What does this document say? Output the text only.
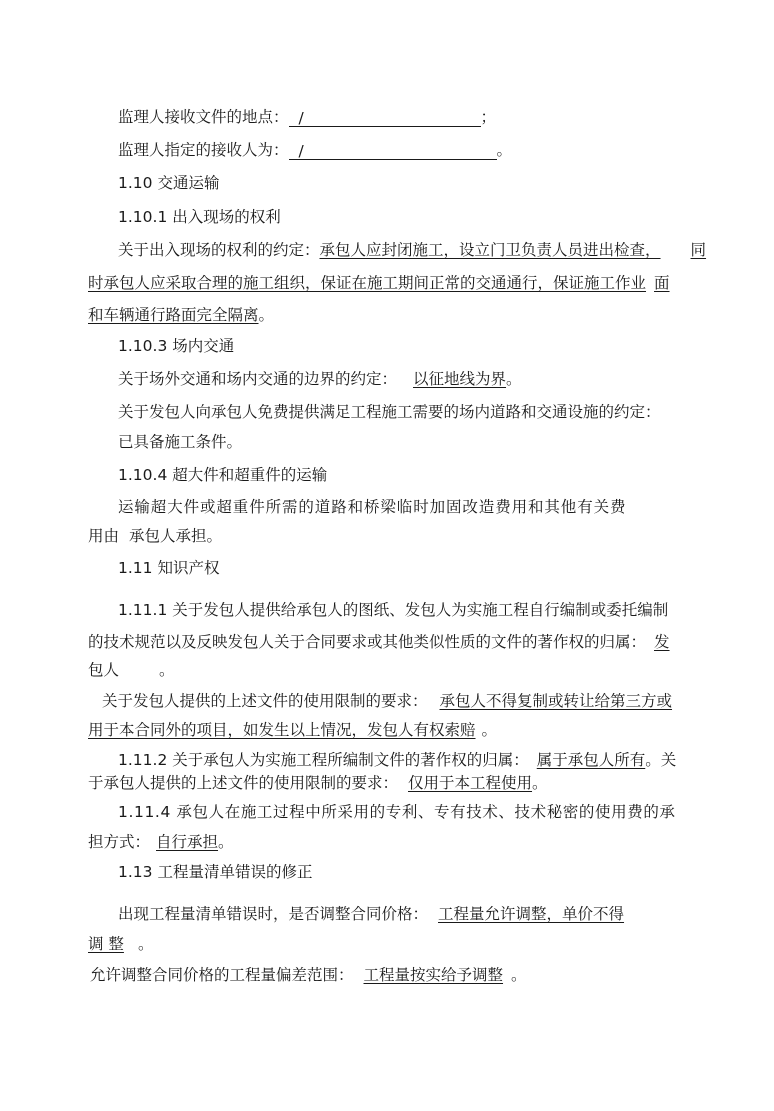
监理人接收文件的地点： /	；
监理人指定的接收人为： /	。
1.10 交通运输
1.10.1 出入现场的权利
关于出入现场的权利的约定：承包人应封闭施工，设立门卫负责人员进出检查， 同
时承包人应采取合理的施工组织，保证在施工期间正常的交通通行，保证施工作业 面
和车辆通行路面完全隔离。
1.10.3 场内交通
关于场外交通和场内交通的边界的约定： 以征地线为界。
关于发包人向承包人免费提供满足工程施工需要的场内道路和交通设施的约定：
已具备施工条件。
1.10.4 超大件和超重件的运输
运输超大件或超重件所需的道路和桥梁临时加固改造费用和其他有关费
用由 承包人承担。
1.11 知识产权
1.11.1 关于发包人提供给承包人的图纸、发包人为实施工程自行编制或委托编制
的技术规范以及反映发包人关于合同要求或其他类似性质的文件的著作权的归属： 发
包人	。
关于发包人提供的上述文件的使用限制的要求： 承包人不得复制或转让给第三方或
用于本合同外的项目，如发生以上情况，发包人有权索赔 。
1.11.2 关于承包人为实施工程所编制文件的著作权的归属： 属于承包人所有。关
于承包人提供的上述文件的使用限制的要求： 仅用于本工程使用。
1.11.4 承包人在施工过程中所采用的专利、专有技术、技术秘密的使用费的承
担方式： 自行承担。
1.13 工程量清单错误的修正
出现工程量清单错误时，是否调整合同价格： 工程量允许调整，单价不得
调 整 。
允许调整合同价格的工程量偏差范围： 工程量按实给予调整 。
